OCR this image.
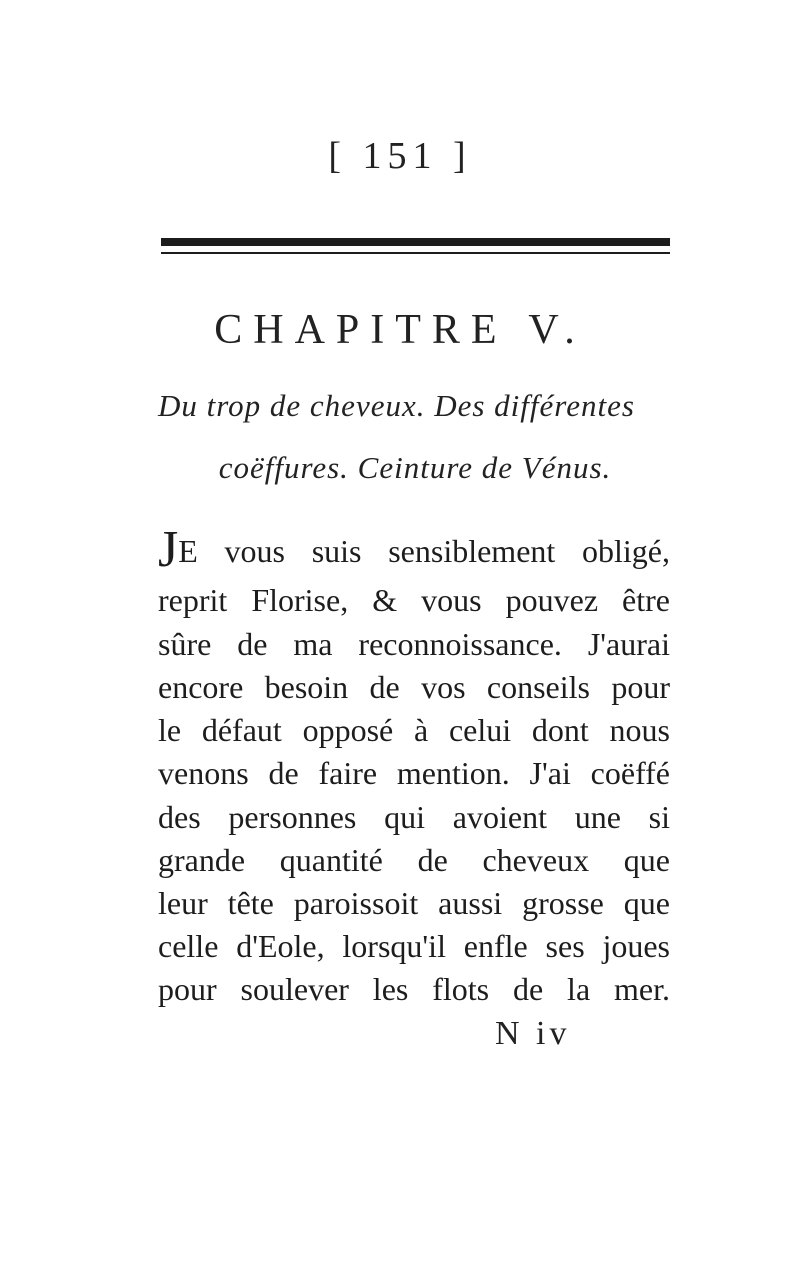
[ 151 ]
CHAPITRE V.
Du trop de cheveux. Des différentes
coëffures. Ceinture de Vénus.
JE vous suis sensiblement obligé,
reprit Florise, & vous pouvez être
sûre de ma reconnoissance. J'aurai
encore besoin de vos conseils pour
le défaut opposé à celui dont nous
venons de faire mention. J'ai coëffé
des personnes qui avoient une si
grande quantité de cheveux que
leur tête paroissoit aussi grosse que
celle d'Eole, lorsqu'il enfle ses joues
pour soulever les flots de la mer.
N iv
